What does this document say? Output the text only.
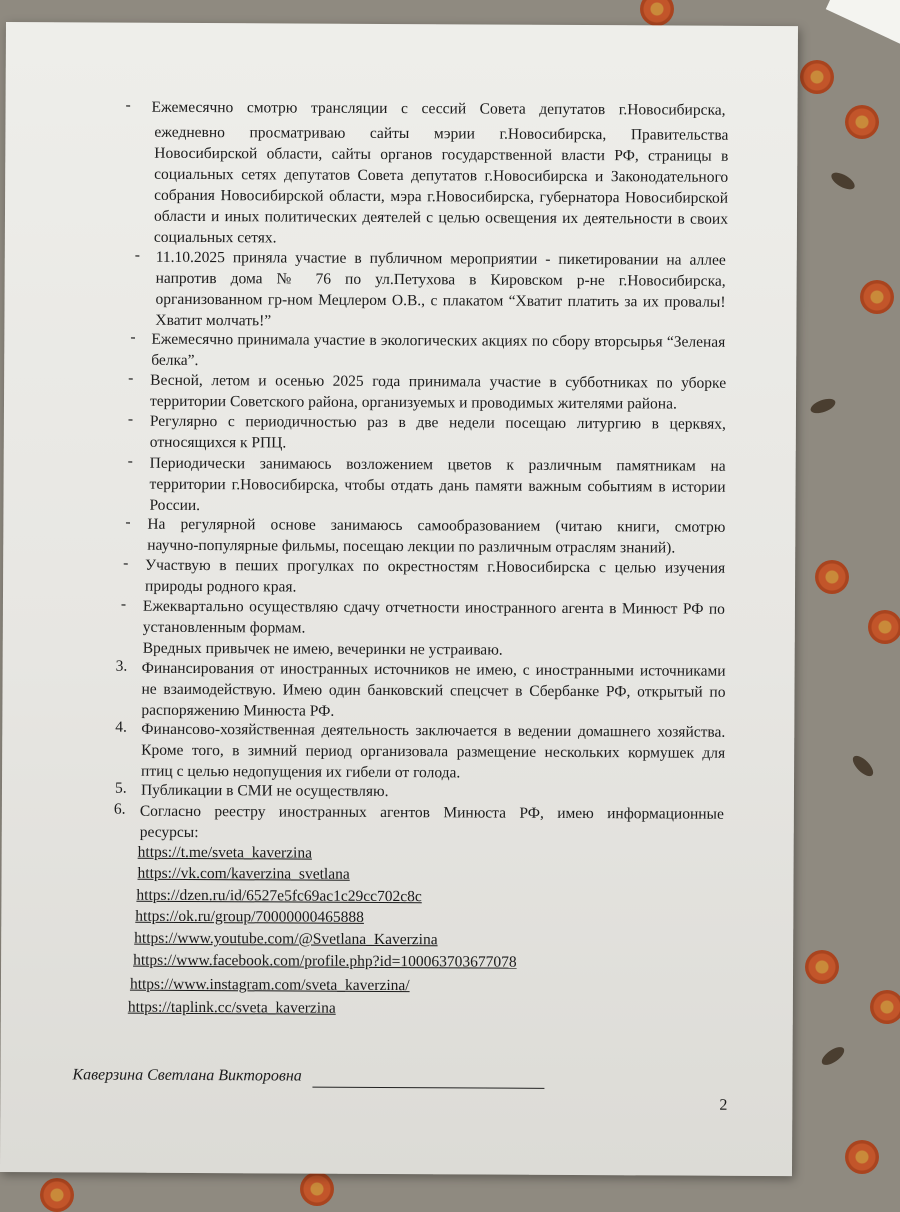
- Ежемесячно смотрю трансляции с сессий Совета депутатов г.Новосибирска,
ежедневно просматриваю сайты мэрии г.Новосибирска, Правительства
Новосибирской области, сайты органов государственной власти РФ, страницы в
социальных сетях депутатов Совета депутатов г.Новосибирска и Законодательного
собрания Новосибирской области, мэра г.Новосибирска, губернатора Новосибирской
области и иных политических деятелей с целью освещения их деятельности в своих
социальных сетях.
- 11.10.2025 приняла участие в публичном мероприятии - пикетировании на аллее
напротив дома № 76 по ул.Петухова в Кировском р-не г.Новосибирска,
организованном гр-ном Мецлером О.В., с плакатом “Хватит платить за их провалы!
Хватит молчать!”
- Ежемесячно принимала участие в экологических акциях по сбору вторсырья “Зеленая
белка”.
- Весной, летом и осенью 2025 года принимала участие в субботниках по уборке
территории Советского района, организуемых и проводимых жителями района.
- Регулярно с периодичностью раз в две недели посещаю литургию в церквях,
относящихся к РПЦ.
- Периодически занимаюсь возложением цветов к различным памятникам на
территории г.Новосибирска, чтобы отдать дань памяти важным событиям в истории
России.
- На регулярной основе занимаюсь самообразованием (читаю книги, смотрю
научно-популярные фильмы, посещаю лекции по различным отраслям знаний).
- Участвую в пеших прогулках по окрестностям г.Новосибирска с целью изучения
природы родного края.
- Ежеквартально осуществляю сдачу отчетности иностранного агента в Минюст РФ по
установленным формам.
Вредных привычек не имею, вечеринки не устраиваю.
3. Финансирования от иностранных источников не имею, с иностранными источниками
не взаимодействую. Имею один банковский спецсчет в Сбербанке РФ, открытый по
распоряжению Минюста РФ.
4. Финансово-хозяйственная деятельность заключается в ведении домашнего хозяйства.
Кроме того, в зимний период организовала размещение нескольких кормушек для
птиц с целью недопущения их гибели от голода.
5. Публикации в СМИ не осуществляю.
6. Согласно реестру иностранных агентов Минюста РФ, имею информационные
ресурсы:
https://t.me/sveta_kaverzina
https://vk.com/kaverzina_svetlana
https://dzen.ru/id/6527e5fc69ac1c29cc702c8c
https://ok.ru/group/70000000465888
https://www.youtube.com/@Svetlana_Kaverzina
https://www.facebook.com/profile.php?id=100063703677078
https://www.instagram.com/sveta_kaverzina/
https://taplink.cc/sveta_kaverzina
Каверзина Светлана Викторовна
2
